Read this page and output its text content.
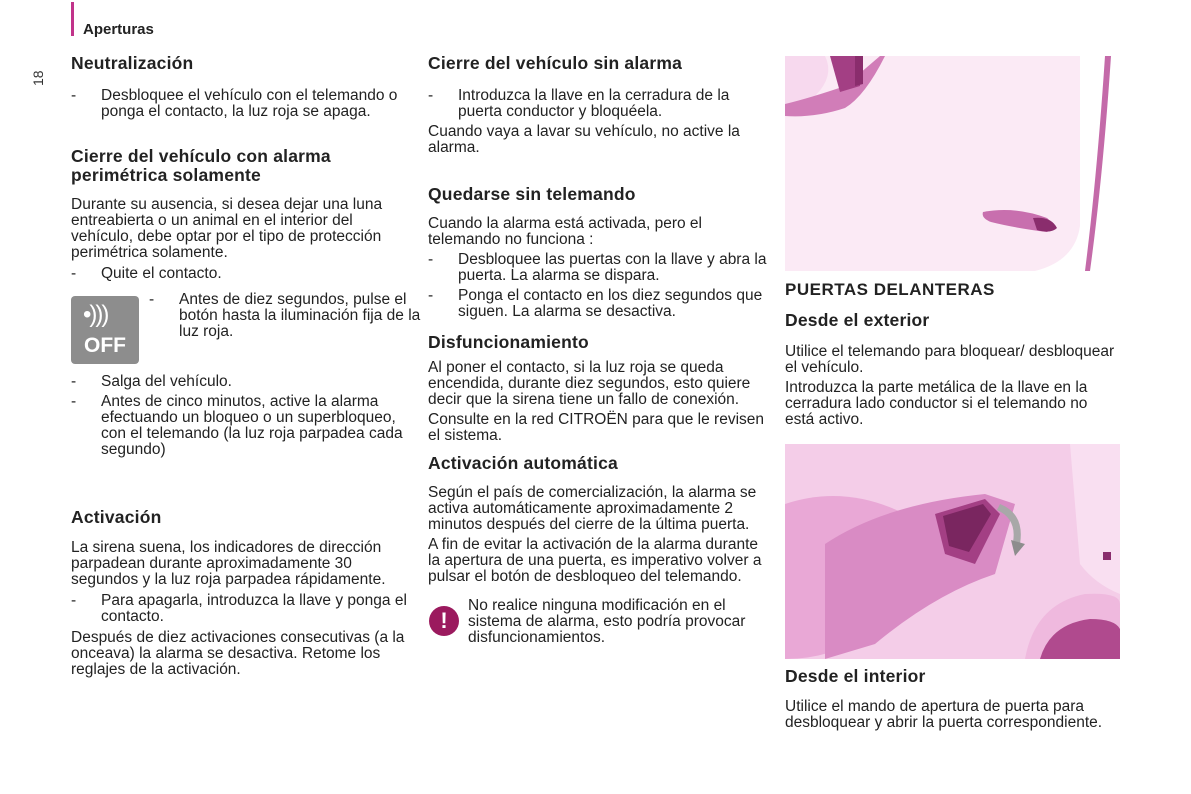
Aperturas
18
Neutralización
- Desbloquee el vehículo con el telemando o ponga el contacto, la luz roja se apaga.
Cierre del vehículo con alarma perimétrica solamente

Durante su ausencia, si desea dejar una luna entreabierta o un animal en el interior del vehículo, debe optar por el tipo de protección perimétrica solamente.

- Quite el contacto.
•)))
OFF
- Antes de diez segundos, pulse el botón hasta la iluminación fija de la luz roja.
- Salga del vehículo.
- Antes de cinco minutos, active la alarma efectuando un bloqueo o un superbloqueo, con el telemando (la luz roja parpadea cada segundo)
Activación

La sirena suena, los indicadores de dirección parpadean durante aproximadamente 30 segundos y la luz roja parpadea rápidamente.

- Para apagarla, introduzca la llave y ponga el contacto.

Después de diez activaciones consecutivas (a la onceava) la alarma se desactiva. Retome los reglajes de la activación.

Cierre del vehículo sin alarma
- Introduzca la llave en la cerradura de la puerta conductor y bloquéela.

Cuando vaya a lavar su vehículo, no active la alarma.

Quedarse sin telemando

Cuando la alarma está activada, pero el telemando no funciona :

- Desbloquee las puertas con la llave y abra la puerta. La alarma se dispara.
- Ponga el contacto en los diez segundos que siguen. La alarma se desactiva.
Disfuncionamiento

Al poner el contacto, si la luz roja se queda encendida, durante diez segundos, esto quiere decir que la sirena tiene un fallo de conexión.

Consulte en la red CITROËN para que le revisen el sistema.

Activación automática

Según el país de comercialización, la alarma se activa automáticamente aproximadamente 2 minutos después del cierre de la última puerta.

A fin de evitar la activación de la alarma durante la apertura de una puerta, es imperativo volver a pulsar el botón de desbloqueo del telemando.

!

No realice ninguna modificación en el sistema de alarma, esto podría provocar disfuncionamientos.

PUERTAS DELANTERAS
Desde el exterior

Utilice el telemando para bloquear/ desbloquear el vehículo.

Introduzca la parte metálica de la llave en la cerradura lado conductor si el telemando no está activo.

Desde el interior

Utilice el mando de apertura de puerta para desbloquear y abrir la puerta correspondiente.
